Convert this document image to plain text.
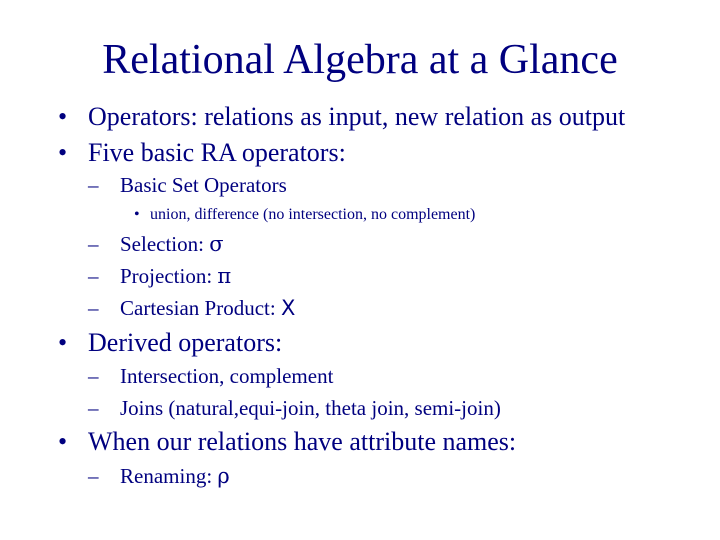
Relational Algebra at a Glance
• Operators: relations as input, new relation as output
• Five basic RA operators:
– Basic Set Operators
• union, difference (no intersection, no complement)
– Selection: σ
– Projection: π
– Cartesian Product: X
• Derived operators:
– Intersection, complement
– Joins (natural,equi-join, theta join, semi-join)
• When our relations have attribute names:
– Renaming: ρ
